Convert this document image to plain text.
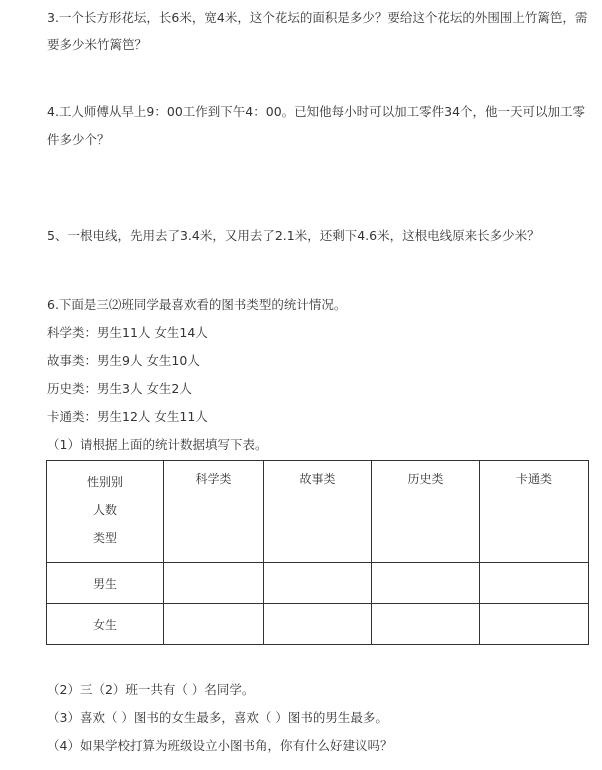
3.一个长方形花坛，长6米，宽4米，这个花坛的面积是多少？要给这个花坛的外围围上竹篱笆，需
要多少米竹篱笆？
4.工人师傅从早上9：00工作到下午4：00。已知他每小时可以加工零件34个，他一天可以加工零
件多少个？
5、一根电线，先用去了3.4米，又用去了2.1米，还剩下4.6米，这根电线原来长多少米？
6.下面是三⑵班同学最喜欢看的图书类型的统计情况。
科学类：男生11人 女生14人
故事类：男生9人 女生10人
历史类：男生3人 女生2人
卡通类：男生12人 女生11人
（1）请根据上面的统计数据填写下表。
性别别
人数
类型	科学类	故事类	历史类	卡通类

男生				
女生				
（2）三（2）班一共有（ ）名同学。
（3）喜欢（ ）图书的女生最多，喜欢（ ）图书的男生最多。
（4）如果学校打算为班级设立小图书角，你有什么好建议吗？
